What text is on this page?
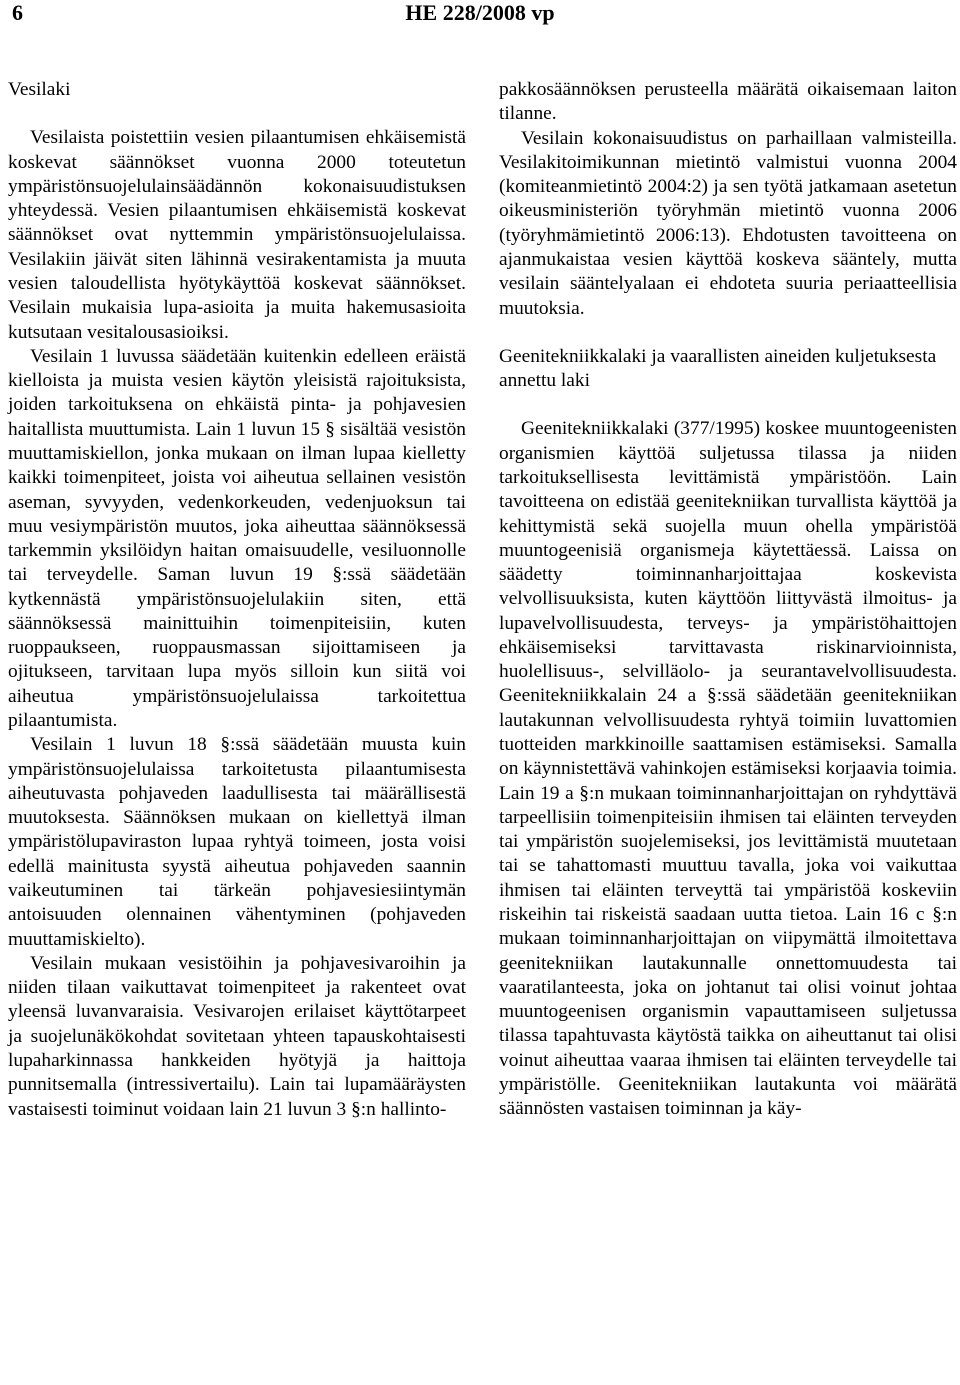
6	HE 228/2008 vp
Vesilaki

Vesilaista poistettiin vesien pilaantumisen ehkäisemistä koskevat säännökset vuonna 2000 toteutetun ympäristönsuojelulainsäädännön kokonaisuudistuksen yhteydessä. Vesien pilaantumisen ehkäisemistä koskevat säännökset ovat nyttemmin ympäristönsuojelulaissa. Vesilakiin jäivät siten lähinnä vesirakentamista ja muuta vesien taloudellista hyötykäyttöä koskevat säännökset. Vesilain mukaisia lupa-asioita ja muita hakemusasioita kutsutaan vesitalousasioiksi.

Vesilain 1 luvussa säädetään kuitenkin edelleen eräistä kielloista ja muista vesien käytön yleisistä rajoituksista, joiden tarkoituksena on ehkäistä pinta- ja pohjavesien haitallista muuttumista. Lain 1 luvun 15 § sisältää vesistön muuttamiskiellon, jonka mukaan on ilman lupaa kielletty kaikki toimenpiteet, joista voi aiheutua sellainen vesistön aseman, syvyyden, vedenkorkeuden, vedenjuoksun tai muu vesiympäristön muutos, joka aiheuttaa säännöksessä tarkemmin yksilöidyn haitan omaisuudelle, vesiluonnolle tai terveydelle. Saman luvun 19 §:ssä säädetään kytkennästä ympäristönsuojelulakiin siten, että säännöksessä mainittuihin toimenpiteisiin, kuten ruoppaukseen, ruoppausmassan sijoittamiseen ja ojitukseen, tarvitaan lupa myös silloin kun siitä voi aiheutua ympäristönsuojelulaissa tarkoitettua pilaantumista.

Vesilain 1 luvun 18 §:ssä säädetään muusta kuin ympäristönsuojelulaissa tarkoitetusta pilaantumisesta aiheutuvasta pohjaveden laadullisesta tai määrällisestä muutoksesta. Säännöksen mukaan on kiellettyä ilman ympäristölupaviraston lupaa ryhtyä toimeen, josta voisi edellä mainitusta syystä aiheutua pohjaveden saannin vaikeutuminen tai tärkeän pohjavesiesiintymän antoisuuden olennainen vähentyminen (pohjaveden muuttamiskielto).

Vesilain mukaan vesistöihin ja pohjavesivaroihin ja niiden tilaan vaikuttavat toimenpiteet ja rakenteet ovat yleensä luvanvaraisia. Vesivarojen erilaiset käyttötarpeet ja suojelunäkökohdat sovitetaan yhteen tapauskohtaisesti lupaharkinnassa hankkeiden hyötyjä ja haittoja punnitsemalla (intressivertailu). Lain tai lupamääräysten vastaisesti toiminut voidaan lain 21 luvun 3 §:n hallinto-

pakkosäännöksen perusteella määrätä oikaisemaan laiton tilanne.

Vesilain kokonaisuudistus on parhaillaan valmisteilla. Vesilakitoimikunnan mietintö valmistui vuonna 2004 (komiteanmietintö 2004:2) ja sen työtä jatkamaan asetetun oikeusministeriön työryhmän mietintö vuonna 2006 (työryhmämietintö 2006:13). Ehdotusten tavoitteena on ajanmukaistaa vesien käyttöä koskeva sääntely, mutta vesilain sääntelyalaan ei ehdoteta suuria periaatteellisia muutoksia.

Geenitekniikkalaki ja vaarallisten aineiden kuljetuksesta annettu laki

Geenitekniikkalaki (377/1995) koskee muuntogeenisten organismien käyttöä suljetussa tilassa ja niiden tarkoituksellisesta levittämistä ympäristöön. Lain tavoitteena on edistää geenitekniikan turvallista käyttöä ja kehittymistä sekä suojella muun ohella ympäristöä muuntogeenisiä organismeja käytettäessä. Laissa on säädetty toiminnanharjoittajaa koskevista velvollisuuksista, kuten käyttöön liittyvästä ilmoitus- ja lupavelvollisuudesta, terveys- ja ympäristöhaittojen ehkäisemiseksi tarvittavasta riskinarvioinnista, huolellisuus-, selvilläolo- ja seurantavelvollisuudesta. Geenitekniikkalain 24 a §:ssä säädetään geenitekniikan lautakunnan velvollisuudesta ryhtyä toimiin luvattomien tuotteiden markkinoille saattamisen estämiseksi. Samalla on käynnistettävä vahinkojen estämiseksi korjaavia toimia. Lain 19 a §:n mukaan toiminnanharjoittajan on ryhdyttävä tarpeellisiin toimenpiteisiin ihmisen tai eläinten terveyden tai ympäristön suojelemiseksi, jos levittämistä muutetaan tai se tahattomasti muuttuu tavalla, joka voi vaikuttaa ihmisen tai eläinten terveyttä tai ympäristöä koskeviin riskeihin tai riskeistä saadaan uutta tietoa. Lain 16 c §:n mukaan toiminnanharjoittajan on viipymättä ilmoitettava geenitekniikan lautakunnalle onnettomuudesta tai vaaratilanteesta, joka on johtanut tai olisi voinut johtaa muuntogeenisen organismin vapauttamiseen suljetussa tilassa tapahtuvasta käytöstä taikka on aiheuttanut tai olisi voinut aiheuttaa vaaraa ihmisen tai eläinten terveydelle tai ympäristölle. Geenitekniikan lautakunta voi määrätä säännösten vastaisen toiminnan ja käy-
